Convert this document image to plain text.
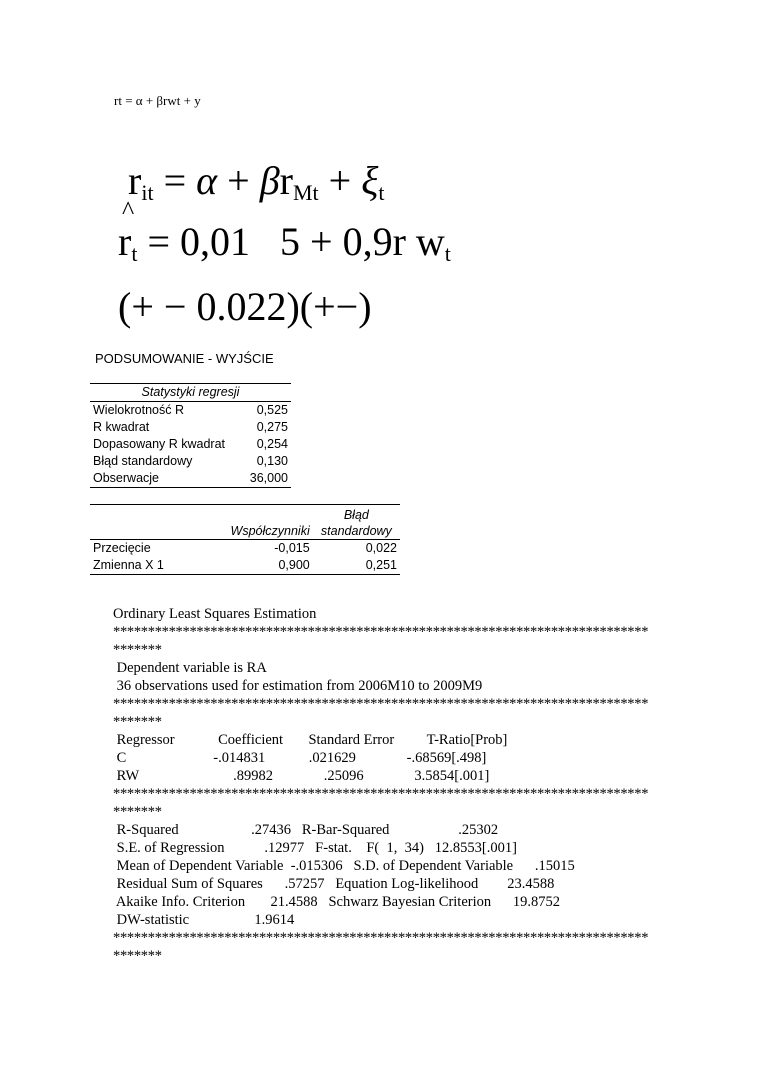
rt = α + βrwt + y
$r_{it} = \alpha + \beta r_{Mt} + \xi_t$
^ $r_t = 0,01$   5 + 0,9r $w_t$
(+ − 0.022)(+−)
PODSUMOWANIE - WYJŚCIE
Statystyki regresji	
Wielokrotność R	0,525
R kwadrat	0,275
Dopasowany R kwadrat	0,254
Błąd standardowy	0,130
Obserwacje	36,000
	Współczynniki	Błąd
standardowy
Przecięcie	-0,015	0,022
Zmienna X 1	0,900	0,251
Ordinary Least Squares Estimation
*****************************************************************************
*******
Dependent variable is RA
36 observations used for estimation from 2006M10 to 2009M9
*****************************************************************************
*******
Regressor            Coefficient       Standard Error         T-Ratio[Prob]
C                        -.014831            .021629              -.68569[.498]
RW                          .89982              .25096              3.5854[.001]
*****************************************************************************
*******
R-Squared                    .27436   R-Bar-Squared                   .25302
S.E. of Regression           .12977   F-stat.    F(  1,  34)   12.8553[.001]
Mean of Dependent Variable  -.015306   S.D. of Dependent Variable      .15015
Residual Sum of Squares      .57257   Equation Log-likelihood        23.4588
Akaike Info. Criterion       21.4588   Schwarz Bayesian Criterion      19.8752
DW-statistic                  1.9614
*****************************************************************************
*******
